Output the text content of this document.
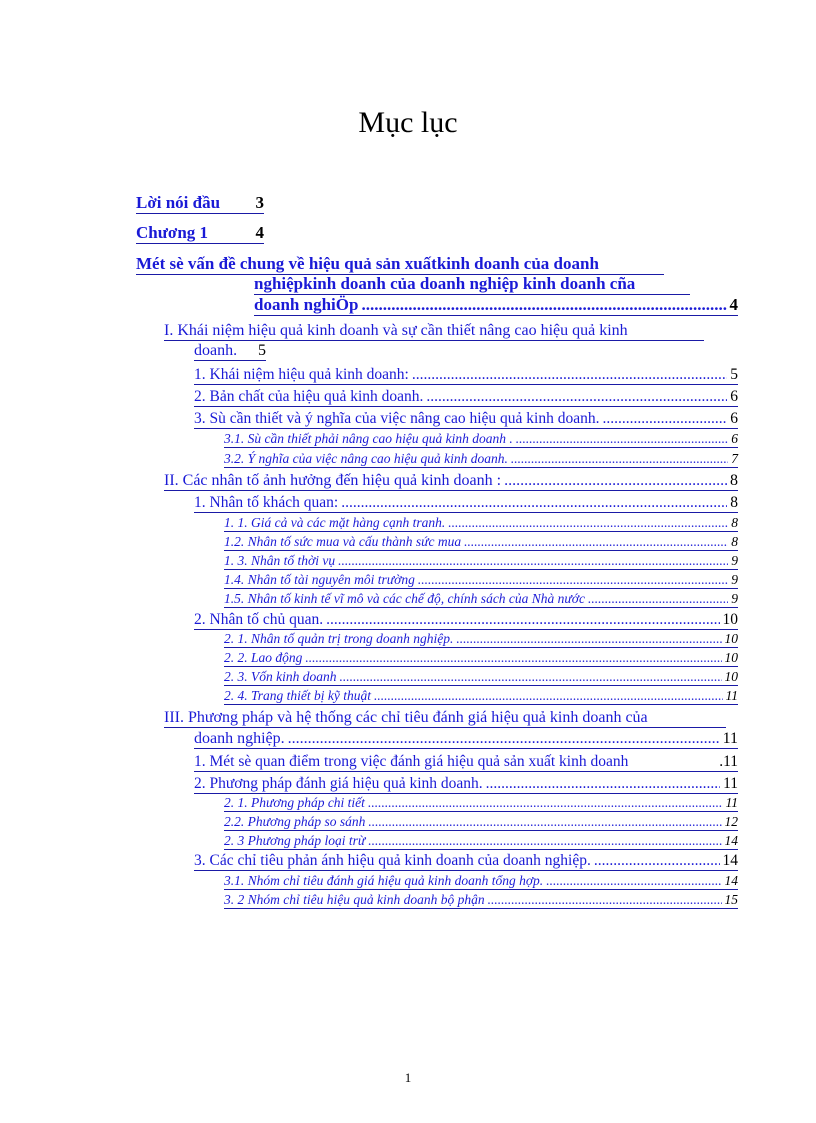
Mục lục
Lời nói đầu 3
Chương 1	4
Mét sè vấn đề chung về hiệu quả sản xuấtkinh doanh của doanh
nghiệpkinh doanh của doanh nghiệp kinh doanh cña
doanh nghiÖp .....	4
I. Khái niệm hiệu quả kinh doanh và sự cần thiết nâng cao hiệu quả kinh
doanh. 5
1. Khái niệm hiệu quả kinh doanh: .....	5
2. Bản chất của hiệu quả kinh doanh. .....	6
3. Sù cần thiết và ý nghĩa của việc nâng cao hiệu quả kinh doanh. .....	6
3.1. Sù cần thiết phải nâng cao hiệu quả kinh doanh . .....	6
3.2. Ý nghĩa của việc nâng cao hiệu quả kinh doanh. .....	7
II. Các nhân tố ảnh hưởng đến hiệu quả kinh doanh : .....	8
1. Nhân tố khách quan: .....	8
1. 1. Giá cả và các mặt hàng cạnh tranh. .....	8
1.2. Nhân tố sức mua và cấu thành sức mua .....	8
1. 3. Nhân tố thời vụ .....	9
1.4. Nhân tố tài nguyên môi trường .....	9
1.5. Nhân tố kinh tế vĩ mô và các chế độ, chính sách của Nhà nước .....	9
2. Nhân tố chủ quan. .....	10
2. 1. Nhân tố quản trị trong doanh nghiệp. .....	10
2. 2. Lao động .....	10
2. 3. Vốn kinh doanh .....	10
2. 4. Trang thiết bị kỹ thuật .....	11
III. Phương pháp và hệ thống các chỉ tiêu đánh giá hiệu quả kinh doanh của
doanh nghiệp. .....	11
1. Mét sè quan điểm trong việc đánh giá hiệu quả sản xuất kinh doanh	.11
2. Phương pháp đánh giá hiệu quả kinh doanh. .....	11
2. 1. Phương pháp chi tiết .....	11
2.2. Phương pháp so sánh .....	12
2. 3 Phương pháp loại trừ .....	14
3. Các chỉ tiêu phản ánh hiệu quả kinh doanh của doanh nghiệp. .....	14
3.1. Nhóm chỉ tiêu đánh giá hiệu quả kinh doanh tổng hợp. .....	14
3. 2 Nhóm chỉ tiêu hiệu quả kinh doanh bộ phận .....	15
1
